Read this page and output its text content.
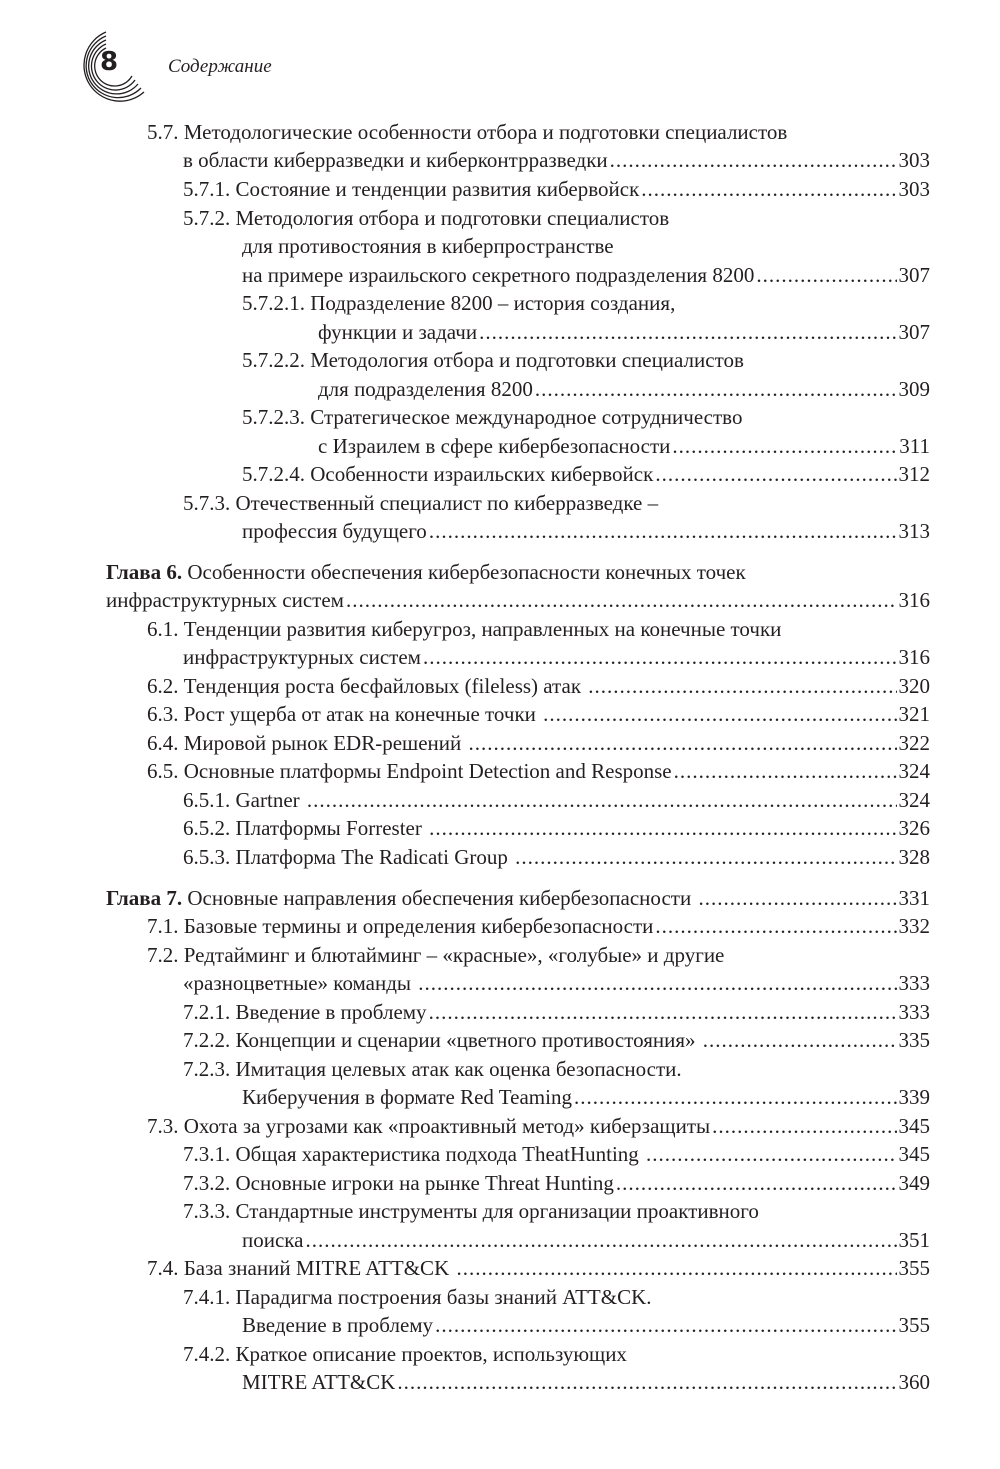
8	Содержание
5.7. Методологические особенности отбора и подготовки специалистов
в области киберразведки и киберконтрразведки .....	303
5.7.1. Состояние и тенденции развития кибервойск .....	303
5.7.2. Методология отбора и подготовки специалистов
для противостояния в киберпространстве
на примере израильского секретного подразделения 8200 .....	307
5.7.2.1. Подразделение 8200 – история создания,
функции и задачи .....	307
5.7.2.2. Методология отбора и подготовки специалистов
для подразделения 8200 .....	309
5.7.2.3. Стратегическое международное сотрудничество
с Израилем в сфере кибербезопасности .....	311
5.7.2.4. Особенности израильских кибервойск .....	312
5.7.3. Отечественный специалист по киберразведке –
профессия будущего .....	313
Глава 6. Особенности обеспечения кибербезопасности конечных точек
инфраструктурных систем .....	316
6.1. Тенденции развития киберугроз, направленных на конечные точки
инфраструктурных систем .....	316
6.2. Тенденция роста бесфайловых (fileless) атак .....	320
6.3. Рост ущерба от атак на конечные точки .....	321
6.4. Мировой рынок EDR-решений .....	322
6.5. Основные платформы Endpoint Detection and Response .....	324
6.5.1. Gartner .....	324
6.5.2. Платформы Forrester .....	326
6.5.3. Платформа The Radicati Group .....	328
Глава 7. Основные направления обеспечения кибербезопасности .....	331
7.1. Базовые термины и определения кибербезопасности .....	332
7.2. Редтайминг и блютайминг – «красные», «голубые» и другие
«разноцветные» команды .....	333
7.2.1. Введение в проблему .....	333
7.2.2. Концепции и сценарии «цветного противостояния» .....	335
7.2.3. Имитация целевых атак как оценка безопасности.
Киберучения в формате Red Teaming .....	339
7.3. Охота за угрозами как «проактивный метод» киберзащиты .....	345
7.3.1. Общая характеристика подхода TheatHunting .....	345
7.3.2. Основные игроки на рынке Threat Hunting .....	349
7.3.3. Стандартные инструменты для организации проактивного
поиска .....	351
7.4. База знаний MITRE ATT&CK .....	355
7.4.1. Парадигма построения базы знаний ATT&CK.
Введение в проблему .....	355
7.4.2. Краткое описание проектов, использующих
MITRE ATT&CK .....	360
